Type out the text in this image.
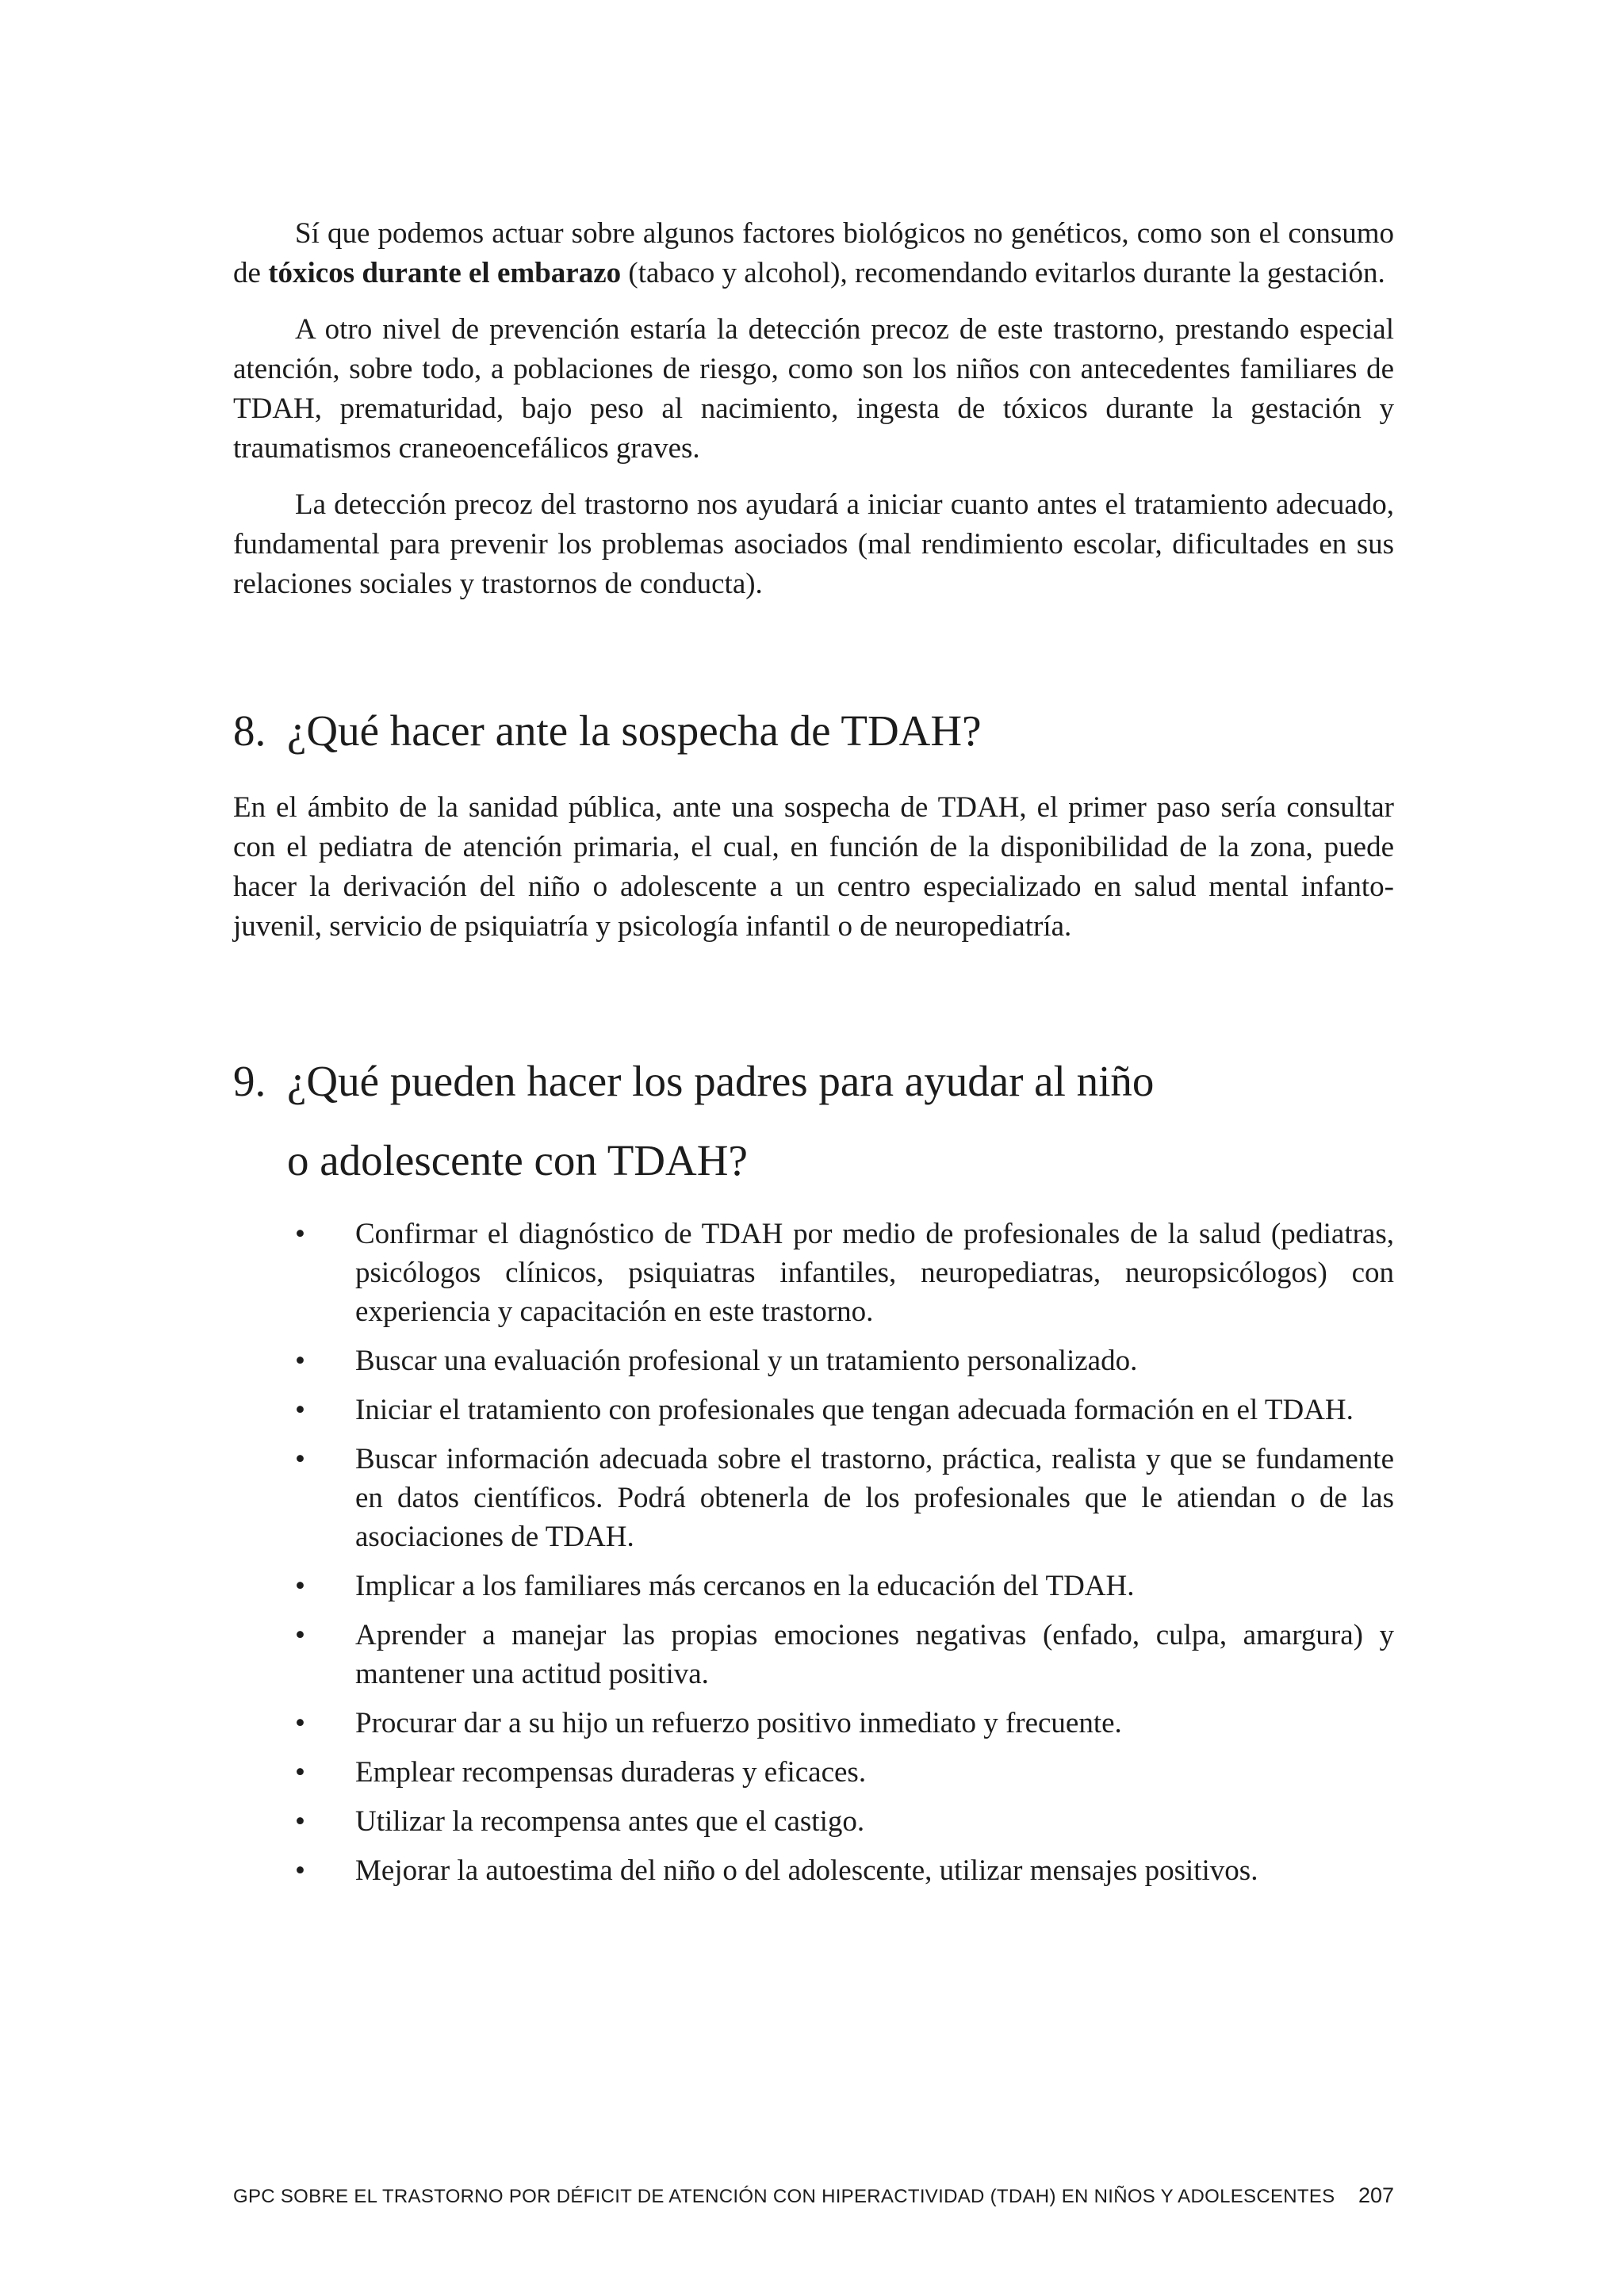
Sí que podemos actuar sobre algunos factores biológicos no genéticos, como son el consumo de tóxicos durante el embarazo (tabaco y alcohol), recomendando evitarlos durante la gestación.

A otro nivel de prevención estaría la detección precoz de este trastorno, prestando especial atención, sobre todo, a poblaciones de riesgo, como son los niños con antecedentes familiares de TDAH, prematuridad, bajo peso al nacimiento, ingesta de tóxicos durante la gestación y traumatismos craneoencefálicos graves.

La detección precoz del trastorno nos ayudará a iniciar cuanto antes el tratamiento adecuado, fundamental para prevenir los problemas asociados (mal rendimiento escolar, dificultades en sus relaciones sociales y trastornos de conducta).

8. ¿Qué hacer ante la sospecha de TDAH?

En el ámbito de la sanidad pública, ante una sospecha de TDAH, el primer paso sería consultar con el pediatra de atención primaria, el cual, en función de la disponibilidad de la zona, puede hacer la derivación del niño o adolescente a un centro especializado en salud mental infanto-juvenil, servicio de psiquiatría y psicología infantil o de neuropediatría.

9. ¿Qué pueden hacer los padres para ayudar al niño
o adolescente con TDAH?
• Confirmar el diagnóstico de TDAH por medio de profesionales de la salud (pediatras, psicólogos clínicos, psiquiatras infantiles, neuropediatras, neuropsicólogos) con experiencia y capacitación en este trastorno.
• Buscar una evaluación profesional y un tratamiento personalizado.
• Iniciar el tratamiento con profesionales que tengan adecuada formación en el TDAH.
• Buscar información adecuada sobre el trastorno, práctica, realista y que se fundamente en datos científicos. Podrá obtenerla de los profesionales que le atiendan o de las asociaciones de TDAH.
• Implicar a los familiares más cercanos en la educación del TDAH.
• Aprender a manejar las propias emociones negativas (enfado, culpa, amargura) y mantener una actitud positiva.
• Procurar dar a su hijo un refuerzo positivo inmediato y frecuente.
• Emplear recompensas duraderas y eficaces.
• Utilizar la recompensa antes que el castigo.
• Mejorar la autoestima del niño o del adolescente, utilizar mensajes positivos.
GPC SOBRE EL TRASTORNO POR DÉFICIT DE ATENCIÓN CON HIPERACTIVIDAD (TDAH) EN NIÑOS Y ADOLESCENTES 207
